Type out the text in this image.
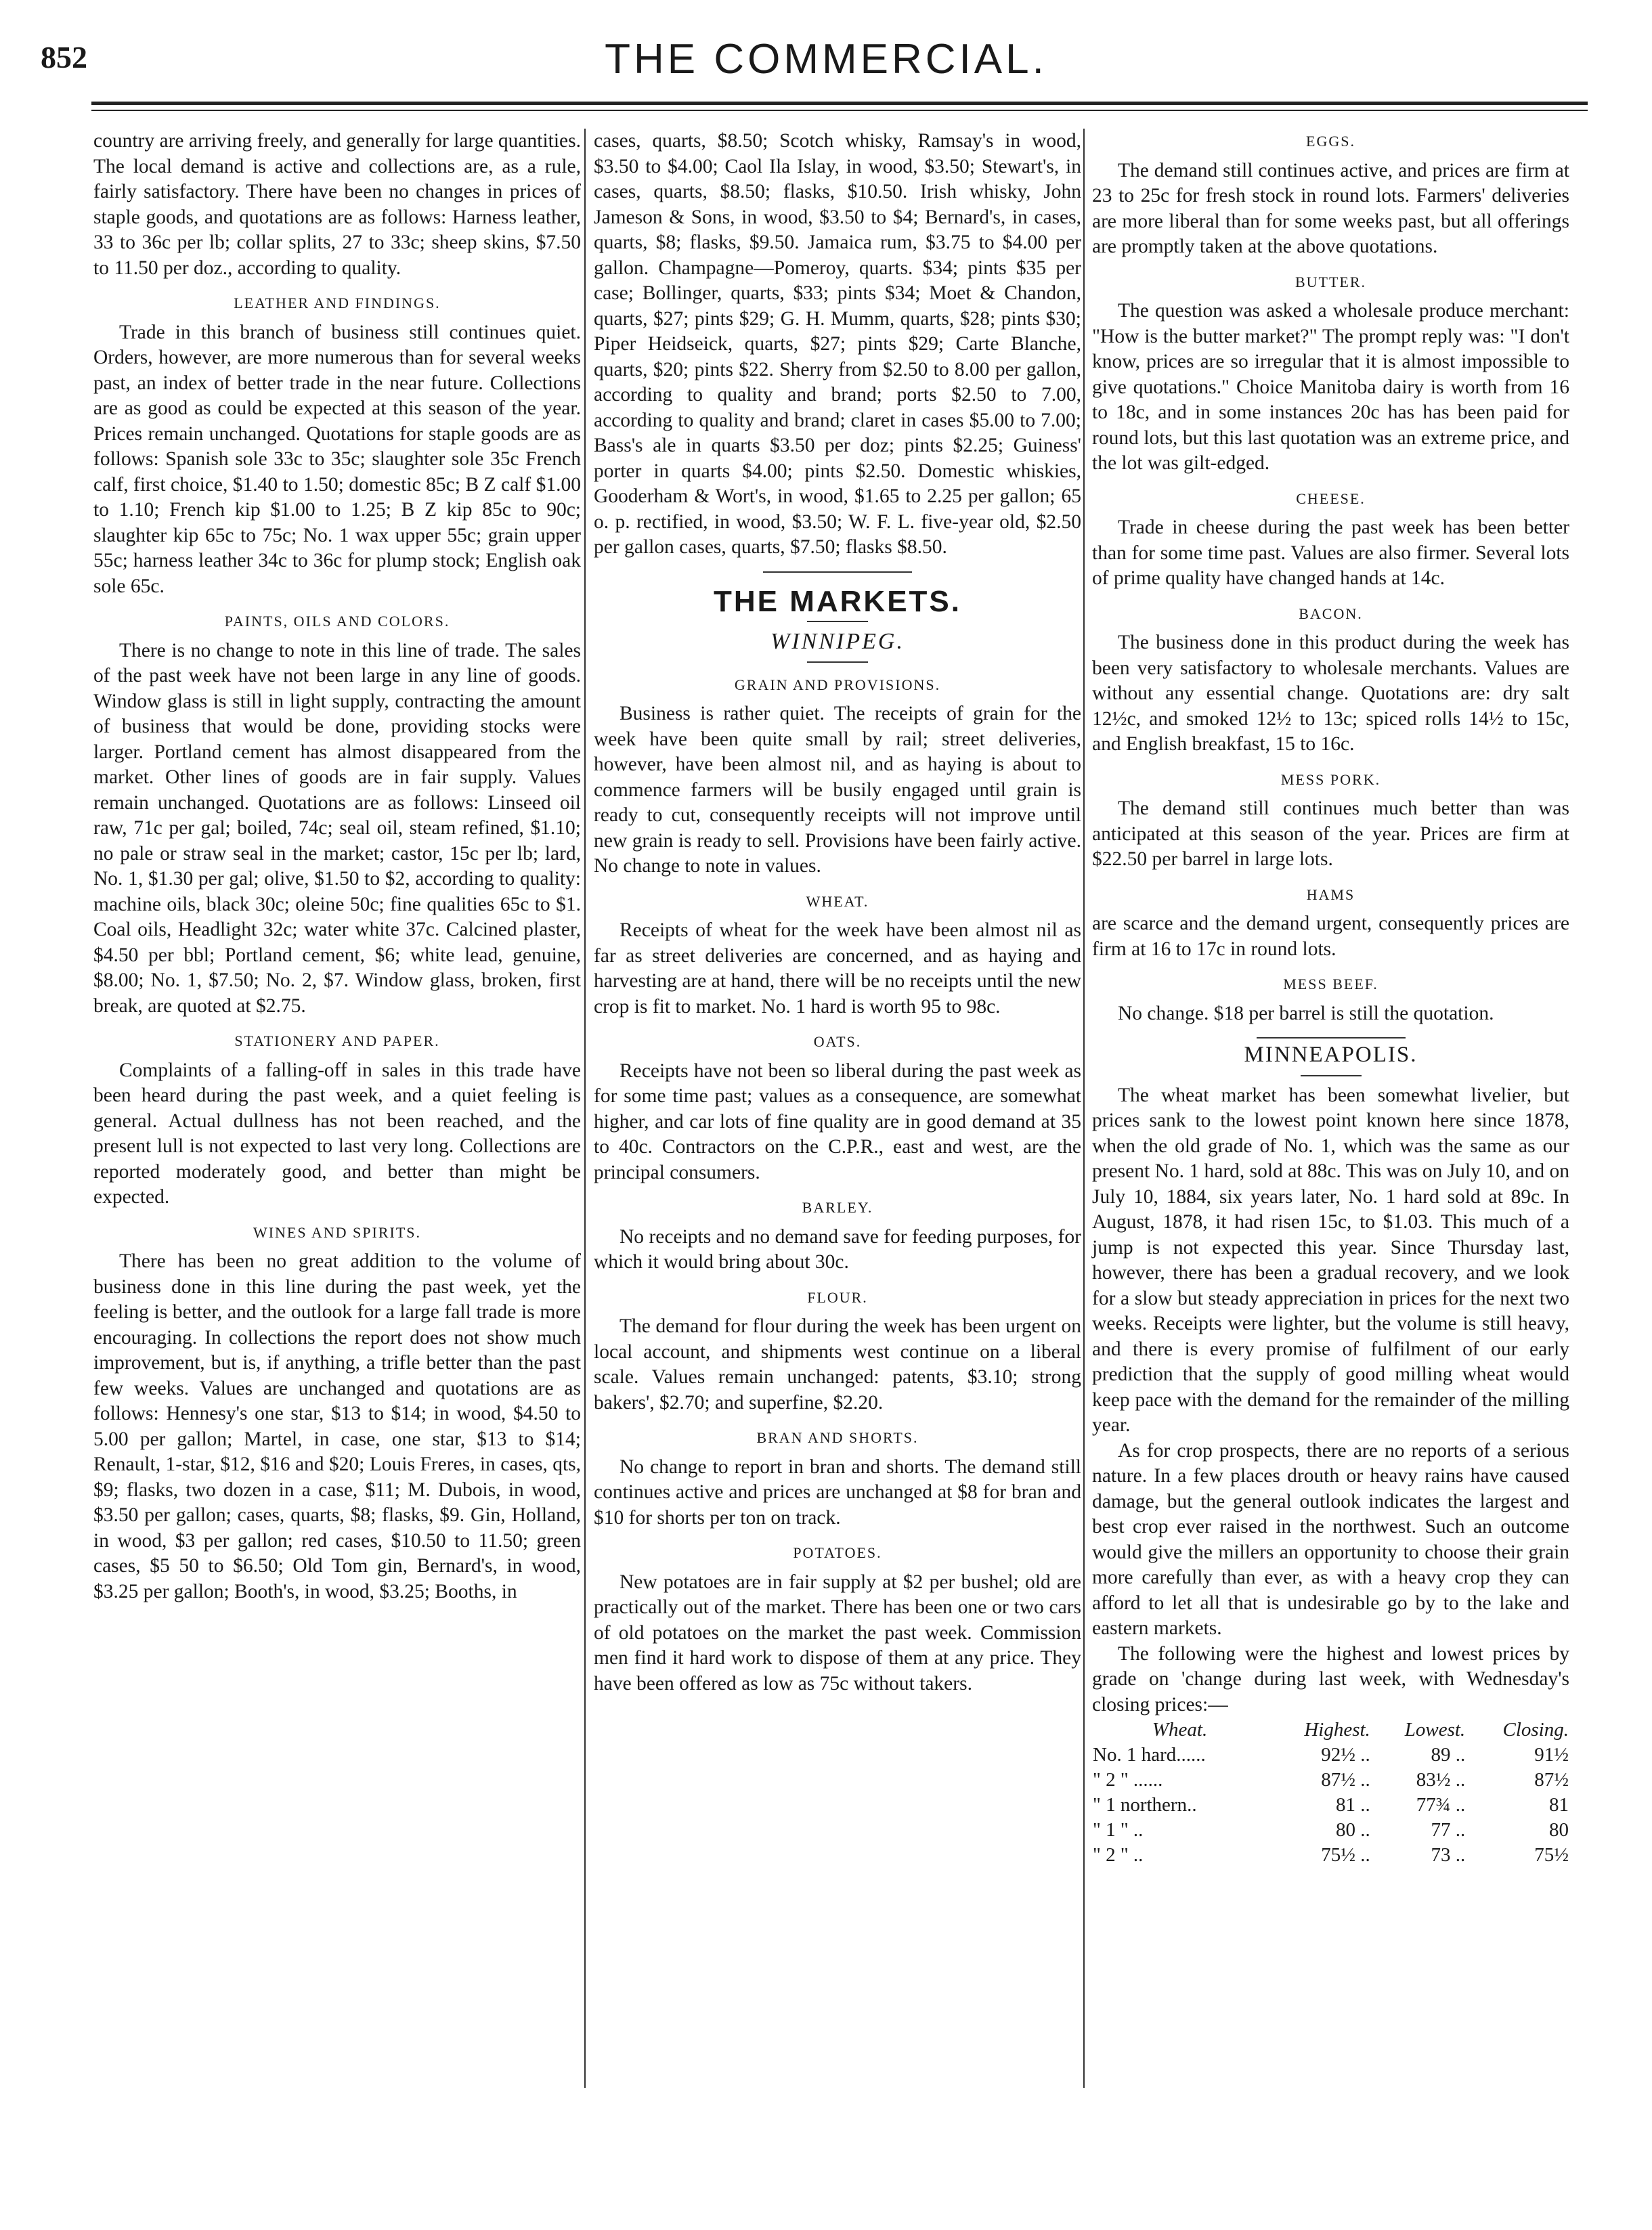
852	THE COMMERCIAL.

country are arriving freely, and generally for large quantities. The local demand is active and collections are, as a rule, fairly satisfactory. There have been no changes in prices of staple goods, and quotations are as follows: Harness leather, 33 to 36c per lb; collar splits, 27 to 33c; sheep skins, $7.50 to 11.50 per doz., according to quality.

LEATHER AND FINDINGS.

Trade in this branch of business still continues quiet. Orders, however, are more numerous than for several weeks past, an index of better trade in the near future. Collections are as good as could be expected at this season of the year. Prices remain unchanged. Quotations for staple goods are as follows: Spanish sole 33c to 35c; slaughter sole 35c French calf, first choice, $1.40 to 1.50; domestic 85c; B Z calf $1.00 to 1.10; French kip $1.00 to 1.25; B Z kip 85c to 90c; slaughter kip 65c to 75c; No. 1 wax upper 55c; grain upper 55c; harness leather 34c to 36c for plump stock; English oak sole 65c.

PAINTS, OILS AND COLORS.

There is no change to note in this line of trade. The sales of the past week have not been large in any line of goods. Window glass is still in light supply, contracting the amount of business that would be done, providing stocks were larger. Portland cement has almost disappeared from the market. Other lines of goods are in fair supply. Values remain unchanged. Quotations are as follows: Linseed oil raw, 71c per gal; boiled, 74c; seal oil, steam refined, $1.10; no pale or straw seal in the market; castor, 15c per lb; lard, No. 1, $1.30 per gal; olive, $1.50 to $2, according to quality: machine oils, black 30c; oleine 50c; fine qualities 65c to $1. Coal oils, Headlight 32c; water white 37c. Calcined plaster, $4.50 per bbl; Portland cement, $6; white lead, genuine, $8.00; No. 1, $7.50; No. 2, $7. Window glass, broken, first break, are quoted at $2.75.

STATIONERY AND PAPER.

Complaints of a falling-off in sales in this trade have been heard during the past week, and a quiet feeling is general. Actual dullness has not been reached, and the present lull is not expected to last very long. Collections are reported moderately good, and better than might be expected.

WINES AND SPIRITS.

There has been no great addition to the volume of business done in this line during the past week, yet the feeling is better, and the outlook for a large fall trade is more encouraging. In collections the report does not show much improvement, but is, if anything, a trifle better than the past few weeks. Values are unchanged and quotations are as follows: Hennesy's one star, $13 to $14; in wood, $4.50 to 5.00 per gallon; Martel, in case, one star, $13 to $14; Renault, 1-star, $12, $16 and $20; Louis Freres, in cases, qts, $9; flasks, two dozen in a case, $11; M. Dubois, in wood, $3.50 per gallon; cases, quarts, $8; flasks, $9. Gin, Holland, in wood, $3 per gallon; red cases, $10.50 to 11.50; green cases, $5 50 to $6.50; Old Tom gin, Bernard's, in wood, $3.25 per gallon; Booth's, in wood, $3.25; Booths, in

cases, quarts, $8.50; Scotch whisky, Ramsay's in wood, $3.50 to $4.00; Caol Ila Islay, in wood, $3.50; Stewart's, in cases, quarts, $8.50; flasks, $10.50. Irish whisky, John Jameson & Sons, in wood, $3.50 to $4; Bernard's, in cases, quarts, $8; flasks, $9.50. Jamaica rum, $3.75 to $4.00 per gallon. Champagne—Pomeroy, quarts. $34; pints $35 per case; Bollinger, quarts, $33; pints $34; Moet & Chandon, quarts, $27; pints $29; G. H. Mumm, quarts, $28; pints $30; Piper Heidseick, quarts, $27; pints $29; Carte Blanche, quarts, $20; pints $22. Sherry from $2.50 to 8.00 per gallon, according to quality and brand; ports $2.50 to 7.00, according to quality and brand; claret in cases $5.00 to 7.00; Bass's ale in quarts $3.50 per doz; pints $2.25; Guiness' porter in quarts $4.00; pints $2.50. Domestic whiskies, Gooderham & Wort's, in wood, $1.65 to 2.25 per gallon; 65 o. p. rectified, in wood, $3.50; W. F. L. five-year old, $2.50 per gallon cases, quarts, $7.50; flasks $8.50.

THE MARKETS.
WINNIPEG.
GRAIN AND PROVISIONS.

Business is rather quiet. The receipts of grain for the week have been quite small by rail; street deliveries, however, have been almost nil, and as haying is about to commence farmers will be busily engaged until grain is ready to cut, consequently receipts will not improve until new grain is ready to sell. Provisions have been fairly active. No change to note in values.

WHEAT.

Receipts of wheat for the week have been almost nil as far as street deliveries are concerned, and as haying and harvesting are at hand, there will be no receipts until the new crop is fit to market. No. 1 hard is worth 95 to 98c.

OATS.

Receipts have not been so liberal during the past week as for some time past; values as a consequence, are somewhat higher, and car lots of fine quality are in good demand at 35 to 40c. Contractors on the C.P.R., east and west, are the principal consumers.

BARLEY.

No receipts and no demand save for feeding purposes, for which it would bring about 30c.

FLOUR.

The demand for flour during the week has been urgent on local account, and shipments west continue on a liberal scale. Values remain unchanged: patents, $3.10; strong bakers', $2.70; and superfine, $2.20.

BRAN AND SHORTS.

No change to report in bran and shorts. The demand still continues active and prices are unchanged at $8 for bran and $10 for shorts per ton on track.

POTATOES.

New potatoes are in fair supply at $2 per bushel; old are practically out of the market. There has been one or two cars of old potatoes on the market the past week. Commission men find it hard work to dispose of them at any price. They have been offered as low as 75c without takers.

EGGS.

The demand still continues active, and prices are firm at 23 to 25c for fresh stock in round lots. Farmers' deliveries are more liberal than for some weeks past, but all offerings are promptly taken at the above quotations.

BUTTER.

The question was asked a wholesale produce merchant: "How is the butter market?" The prompt reply was: "I don't know, prices are so irregular that it is almost impossible to give quotations." Choice Manitoba dairy is worth from 16 to 18c, and in some instances 20c has has been paid for round lots, but this last quotation was an extreme price, and the lot was gilt-edged.

CHEESE.

Trade in cheese during the past week has been better than for some time past. Values are also firmer. Several lots of prime quality have changed hands at 14c.

BACON.

The business done in this product during the week has been very satisfactory to wholesale merchants. Values are without any essential change. Quotations are: dry salt 12½c, and smoked 12½ to 13c; spiced rolls 14½ to 15c, and English breakfast, 15 to 16c.

MESS PORK.

The demand still continues much better than was anticipated at this season of the year. Prices are firm at $22.50 per barrel in large lots.

HAMS

are scarce and the demand urgent, consequently prices are firm at 16 to 17c in round lots.

MESS BEEF.

No change. $18 per barrel is still the quotation.

MINNEAPOLIS.

The wheat market has been somewhat livelier, but prices sank to the lowest point known here since 1878, when the old grade of No. 1, which was the same as our present No. 1 hard, sold at 88c. This was on July 10, and on July 10, 1884, six years later, No. 1 hard sold at 89c. In August, 1878, it had risen 15c, to $1.03. This much of a jump is not expected this year. Since Thursday last, however, there has been a gradual recovery, and we look for a slow but steady appreciation in prices for the next two weeks. Receipts were lighter, but the volume is still heavy, and there is every promise of fulfilment of our early prediction that the supply of good milling wheat would keep pace with the demand for the remainder of the milling year.

As for crop prospects, there are no reports of a serious nature. In a few places drouth or heavy rains have caused damage, but the general outlook indicates the largest and best crop ever raised in the northwest. Such an outcome would give the millers an opportunity to choose their grain more carefully than ever, as with a heavy crop they can afford to let all that is undesirable go by to the lake and eastern markets.

The following were the highest and lowest prices by grade on 'change during last week, with Wednesday's closing prices:—

Wheat.	Highest.	Lowest.	Closing.
No. 1 hard......	92½ ..	89 ..	91½
" 2 " ......	87½ ..	83½ ..	87½
" 1 northern..	81 ..	77¾ ..	81
" 1 " ..	80 ..	77 ..	80
" 2 " ..	75½ ..	73 ..	75½
